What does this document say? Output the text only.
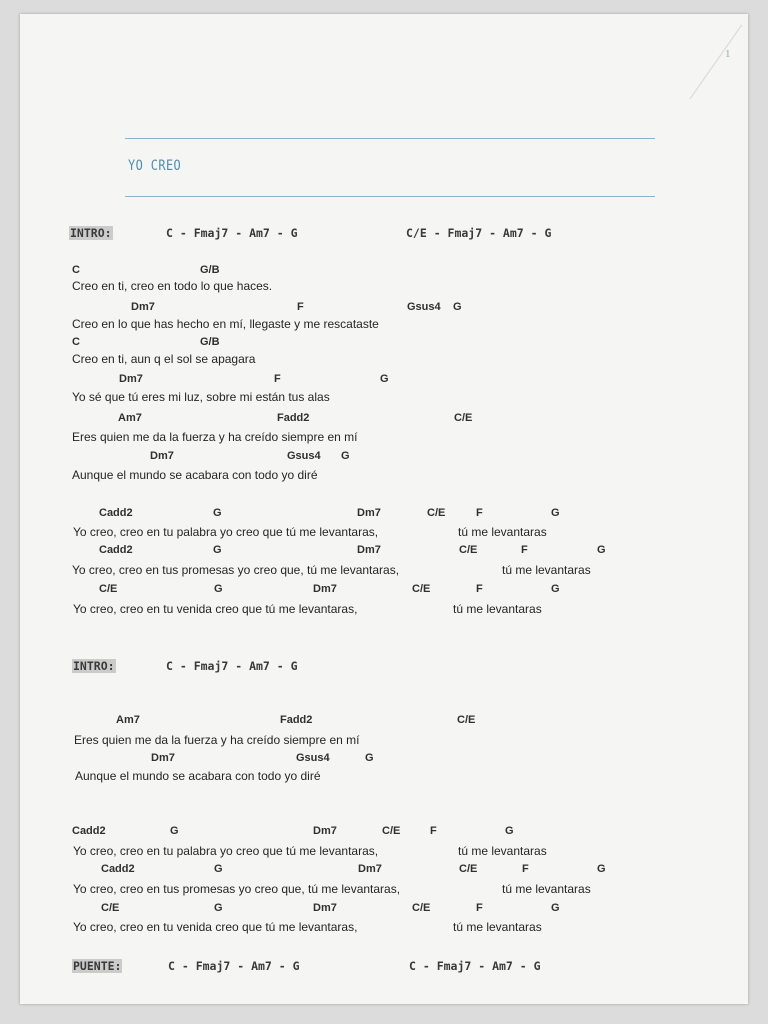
1
YO CREO
INTRO:	C - Fmaj7 - Am7 - G	C/E - Fmaj7 - Am7 - G
C	G/B
Creo en ti, creo en todo lo que haces.
Dm7	F	Gsus4 G
Creo en lo que has hecho en mí, llegaste y me rescataste
C	G/B
Creo en ti, aun q el sol se apagara
Dm7	F	G
Yo sé que tú eres mi luz, sobre mi están tus alas
Am7	Fadd2	C/E
Eres quien me da la fuerza y ha creído siempre en mí
Dm7	Gsus4 G
Aunque el mundo se acabara con todo yo diré
Cadd2	G	Dm7	C/E	F	G
Yo creo, creo en tu palabra yo creo que tú me levantaras,	tú me levantaras
Cadd2	G	Dm7	C/E	F	G
Yo creo, creo en tus promesas yo creo que, tú me levantaras,	tú me levantaras
C/E	G	Dm7	C/E	F	G
Yo creo, creo en tu venida creo que tú me levantaras,	tú me levantaras
INTRO:	C - Fmaj7 - Am7 - G
Am7	Fadd2	C/E
Eres quien me da la fuerza y ha creído siempre en mí
Dm7	Gsus4	G
Aunque el mundo se acabara con todo yo diré
Cadd2	G	Dm7	C/E	F	G
Yo creo, creo en tu palabra yo creo que tú me levantaras,	tú me levantaras
Cadd2	G	Dm7	C/E	F	G
Yo creo, creo en tus promesas yo creo que, tú me levantaras,	tú me levantaras
C/E	G	Dm7	C/E	F	G
Yo creo, creo en tu venida creo que tú me levantaras,	tú me levantaras
PUENTE:	C - Fmaj7 - Am7 - G	C - Fmaj7 - Am7 - G
